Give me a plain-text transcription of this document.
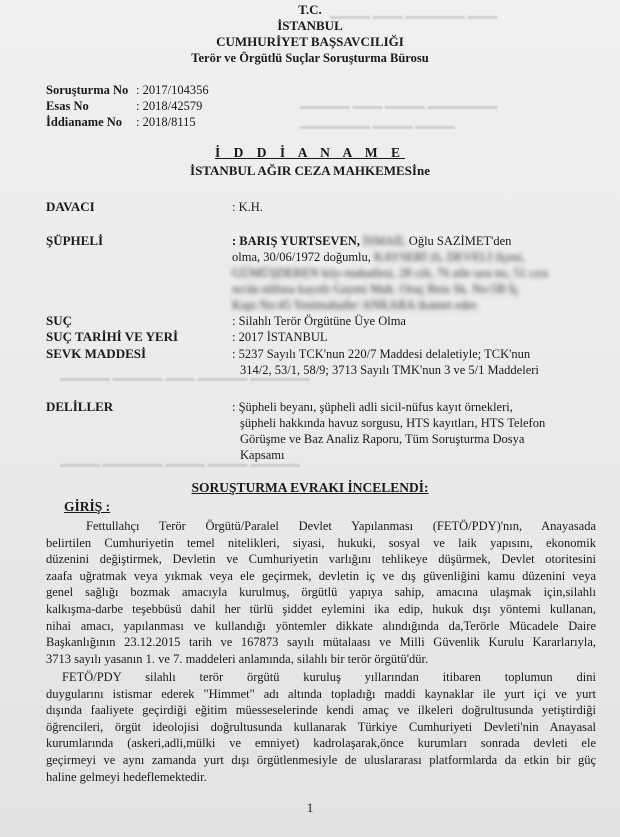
▬▬▬▬ ▬▬▬ ▬▬▬▬▬▬ ▬▬▬
▬▬▬▬▬ ▬▬▬ ▬▬▬▬ ▬▬▬▬▬▬▬
▬▬▬▬▬▬▬ ▬▬▬▬ ▬▬▬▬
▬▬▬▬▬ ▬▬▬▬▬ ▬▬▬ ▬▬▬▬▬ ▬▬▬▬▬▬
▬▬▬▬ ▬▬▬▬▬▬ ▬▬▬▬ ▬▬▬▬ ▬▬▬▬▬
T.C.
İSTANBUL
CUMHURİYET BAŞSAVCILIĞI
Terör ve Örgütlü Suçlar Soruşturma Bürosu
Soruşturma No : 2017/104356
Esas No	: 2018/42579
İddianame No : 2018/8115
İ D D İ A N A M E
İSTANBUL AĞIR CEZA MAHKEMESİne
DAVACI	: K.H.
ŞÜPHELİ	: BARIŞ YURTSEVEN, İSMAİL Oğlu SAZİMET'den
olma, 30/06/1972 doğumlu, KAYSERİ ili, DEVELİ ilçesi,
GÜMÜŞDEREN köy-mahallesi, 28 cilt, 76 aile sıra no, 51 cıra
no'da nüfusa kayıtlı Gaymi Mah. Oruç Reis Sk. No:5B İç
Kapı No:45 Yenimahalle/ ANKARA ikamet eder.
SUÇ	: Silahlı Terör Örgütüne Üye Olma
SUÇ TARİHİ VE YERİ	: 2017 İSTANBUL
SEVK MADDESİ	: 5237 Sayılı TCK'nun 220/7 Maddesi delaletiyle; TCK'nun
314/2, 53/1, 58/9; 3713 Sayılı TMK'nun 3 ve 5/1 Maddeleri
DELİLLER	: Şüpheli beyanı, şüpheli adli sicil-nüfus kayıt örnekleri,
şüpheli hakkında havuz sorgusu, HTS kayıtları, HTS Telefon
Görüşme ve Baz Analiz Raporu, Tüm Soruşturma Dosya
Kapsamı
SORUŞTURMA EVRAKI İNCELENDİ:
GİRİŞ :
Fettullahçı Terör Örgütü/Paralel Devlet Yapılanması (FETÖ/PDY)'nın, Anayasada
belirtilen Cumhuriyetin temel nitelikleri, siyasi, hukuki, sosyal ve laik yapısını, ekonomik
düzenini değiştirmek, Devletin ve Cumhuriyetin varlığını tehlikeye düşürmek, Devlet otoritesini
zaafa uğratmak veya yıkmak veya ele geçirmek, devletin iç ve dış güvenliğini kamu düzenini veya
genel sağlığı bozmak amacıyla kurulmuş, örgütlü yapıya sahip, amacına ulaşmak için,silahlı
kalkışma-darbe teşebbüsü dahil her türlü şiddet eylemini ika edip, hukuk dışı yöntemi kullanan,
nihai amacı, yapılanması ve kullandığı yöntemler dikkate alındığında da,Terörle Mücadele Daire
Başkanlığının 23.12.2015 tarih ve 167873 sayılı mütalaası ve Milli Güvenlik Kurulu Kararlarıyla,
3713 sayılı yasanın 1. ve 7. maddeleri anlamında, silahlı bir terör örgütü'dür.
FETÖ/PDY silahlı terör örgütü kuruluş yıllarından itibaren toplumun dini
duygularını istismar ederek "Himmet" adı altında topladığı maddi kaynaklar ile yurt içi ve yurt
dışında faaliyete geçirdiği eğitim müesseselerinde kendi amaç ve ilkeleri doğrultusunda yetiştirdiği
öğrencileri, örgüt ideolojisi doğrultusunda kullanarak Türkiye Cumhuriyeti Devleti'nin Anayasal
kurumlarında (askeri,adli,mülki ve emniyet) kadrolaşarak,önce kurumları sonrada devleti ele
geçirmeyi ve aynı zamanda yurt dışı örgütlenmesiyle de uluslararası platformlarda da etkin bir güç
haline gelmeyi hedeflemektedir.
1
